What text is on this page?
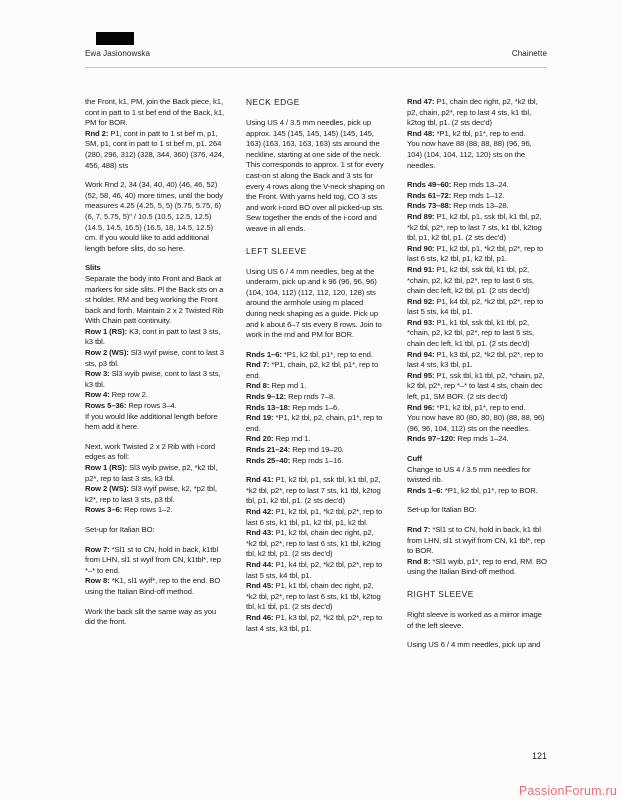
Ewa Jasionowska	Chainette

the Front, k1, PM, join the Back piece, k1, cont in patt to 1 st bef end of the Back, k1, PM for BOR.

Rnd 2: P1, cont in patt to 1 st bef m, p1, SM, p1, cont in patt to 1 st bef m, p1. 264 (280, 296, 312) (328, 344, 360) (376, 424, 456, 488) sts

Work Rnd 2, 34 (34, 40, 40) (46, 46, 52) (52, 58, 46, 40) more times, until the body measures 4.25 (4.25, 5, 5) (5.75, 5.75, 6) (6, 7, 5.75, 5)" / 10.5 (10.5, 12.5, 12.5) (14.5, 14.5, 16.5) (16.5, 18, 14.5, 12.5) cm. If you would like to add additional length before slits, do so here.

Slits

Separate the body into Front and Back at markers for side slits. Pl the Back sts on a st holder. RM and beg working the Front back and forth. Maintain 2 x 2 Twisted Rib With Chain patt continuity.

Row 1 (RS): K3, cont in patt to last 3 sts, k3 tbl.

Row 2 (WS): Sl3 wyif pwise, cont to last 3 sts, p3 tbl.

Row 3: Sl3 wyib pwise, cont to last 3 sts, k3 tbl.

Row 4: Rep row 2.

Rows 5–36: Rep rows 3–4.

If you would like additional length before hem add it here.

Next, work Twisted 2 x 2 Rib with i-cord edges as foll:

Row 1 (RS): Sl3 wyib pwise, p2, *k2 tbl, p2*, rep to last 3 sts, k3 tbl.

Row 2 (WS): Sl3 wyif pwise, k2, *p2 tbl, k2*, rep to last 3 sts, p3 tbl.

Rows 3–6: Rep rows 1–2.

Set-up for Italian BO:

Row 7: *Sl1 st to CN, hold in back, k1tbl from LHN, sl1 st wyif from CN, k1tbl*, rep *–* to end.

Row 8: *K1, sl1 wyif*, rep to the end. BO using the Italian Bind-off method.

Work the back slit the same way as you did the front.

NECK EDGE

Using US 4 / 3.5 mm needles, pick up approx. 145 (145, 145, 145) (145, 145, 163) (163, 163, 163, 163) sts around the neckline, starting at one side of the neck. This corresponds to approx. 1 st for every cast-on st along the Back and 3 sts for every 4 rows along the V-neck shaping on the Front. With yarns held tog, CO 3 sts and work i-cord BO over all picked-up sts. Sew together the ends of the i-cord and weave in all ends.

LEFT SLEEVE

Using US 6 / 4 mm needles, beg at the underarm, pick up and k 96 (96, 96, 96) (104, 104, 112) (112, 112, 120, 128) sts around the armhole using m placed during neck shaping as a guide. Pick up and k about 6–7 sts every 8 rows. Join to work in the rnd and PM for BOR.

Rnds 1–6: *P1, k2 tbl, p1*, rep to end.

Rnd 7: *P1, chain, p2, k2 tbl, p1*, rep to end.

Rnd 8: Rep rnd 1.

Rnds 9–12: Rep rnds 7–8.

Rnds 13–18: Rep rnds 1–6.

Rnd 19: *P1, k2 tbl, p2, chain, p1*, rep to end.

Rnd 20: Rep rnd 1.

Rnds 21–24: Rep rnd 19–20.

Rnds 25–40: Rep rnds 1–16.

Rnd 41: P1, k2 tbl, p1, ssk tbl, k1 tbl, p2, *k2 tbl, p2*, rep to last 7 sts, k1 tbl, k2tog tbl, p1, k2 tbl, p1. (2 sts dec'd)

Rnd 42: P1, k2 tbl, p1, *k2 tbl, p2*, rep to last 6 sts, k1 tbl, p1, k2 tbl, p1, k2 tbl.

Rnd 43: P1, k2 tbl, chain dec right, p2, *k2 tbl, p2*, rep to last 6 sts, k1 tbl, k2tog tbl, k2 tbl, p1. (2 sts dec'd)

Rnd 44: P1, k4 tbl, p2, *k2 tbl, p2*, rep to last 5 sts, k4 tbl, p1.

Rnd 45: P1, k1 tbl, chain dec right, p2, *k2 tbl, p2*, rep to last 6 sts, k1 tbl, k2tog tbl, k1 tbl, p1. (2 sts dec'd)

Rnd 46: P1, k3 tbl, p2, *k2 tbl, p2*, rep to last 4 sts, k3 tbl, p1.

Rnd 47: P1, chain dec right, p2, *k2 tbl, p2, chain, p2*, rep to last 4 sts, k1 tbl, k2tog tbl, p1. (2 sts dec'd)

Rnd 48: *P1, k2 tbl, p1*, rep to end.

You now have 88 (88, 88, 88) (96, 96, 104) (104, 104, 112, 120) sts on the needles.

Rnds 49–60: Rep rnds 13–24.

Rnds 61–72: Rep rnds 1–12.

Rnds 73–88: Rep rnds 13–28.

Rnd 89: P1, k2 tbl, p1, ssk tbl, k1 tbl, p2, *k2 tbl, p2*, rep to last 7 sts, k1 tbl, k2tog tbl, p1, k2 tbl, p1. (2 sts dec'd)

Rnd 90: P1, k2 tbl, p1, *k2 tbl, p2*, rep to last 6 sts, k2 tbl, p1, k2 tbl, p1.

Rnd 91: P1, k2 tbl, ssk tbl, k1 tbl, p2, *chain, p2, k2 tbl, p2*, rep to last 6 sts, chain dec left, k2 tbl, p1. (2 sts dec'd)

Rnd 92: P1, k4 tbl, p2, *k2 tbl, p2*, rep to last 5 sts, k4 tbl, p1.

Rnd 93: P1, k1 tbl, ssk tbl, k1 tbl, p2, *chain, p2, k2 tbl, p2*, rep to last 5 sts, chain dec left, k1 tbl, p1. (2 sts dec'd)

Rnd 94: P1, k3 tbl, p2, *k2 tbl, p2*, rep to last 4 sts, k3 tbl, p1.

Rnd 95: P1, ssk tbl, k1 tbl, p2, *chain, p2, k2 tbl, p2*, rep *–* to last 4 sts, chain dec left, p1, SM BOR. (2 sts dec'd)

Rnd 96: *P1, k2 tbl, p1*, rep to end.

You now have 80 (80, 80, 80) (88, 88, 96) (96, 96, 104, 112) sts on the needles.

Rnds 97–120: Rep rnds 1–24.

Cuff

Change to US 4 / 3.5 mm needles for twisted rib.

Rnds 1–6: *P1, k2 tbl, p1*, rep to BOR.

Set-up for Italian BO:

Rnd 7: *Sl1 st to CN, hold in back, k1 tbl from LHN, sl1 st wyif from CN, k1 tbl*, rep to BOR.

Rnd 8: *Sl1 wyib, p1*, rep to end, RM. BO using the Italian Bind-off method.

RIGHT SLEEVE

Right sleeve is worked as a mirror image of the left sleeve.

Using US 6 / 4 mm needles, pick up and

121
PassionForum.ru
